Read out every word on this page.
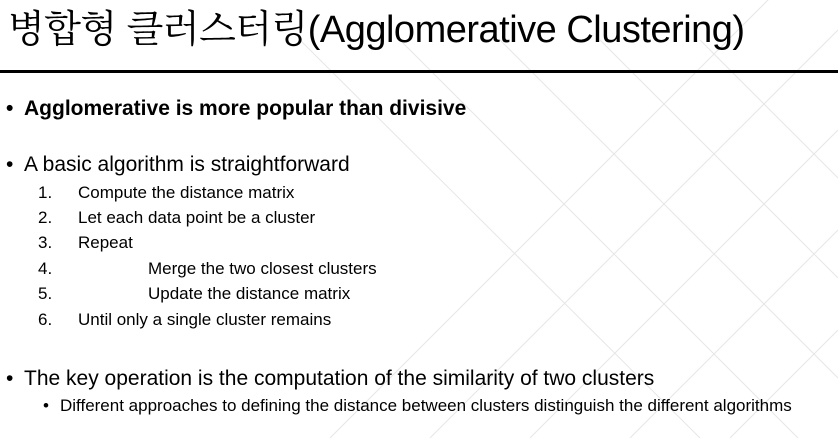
병합형 클러스터링(Agglomerative Clustering)
• Agglomerative is more popular than divisive
• A basic algorithm is straightforward
1. Compute the distance matrix
2. Let each data point be a cluster
3. Repeat
4.	Merge the two closest clusters
5.	Update the distance matrix
6. Until only a single cluster remains
• The key operation is the computation of the similarity of two clusters
• Different approaches to defining the distance between clusters distinguish the different algorithms
